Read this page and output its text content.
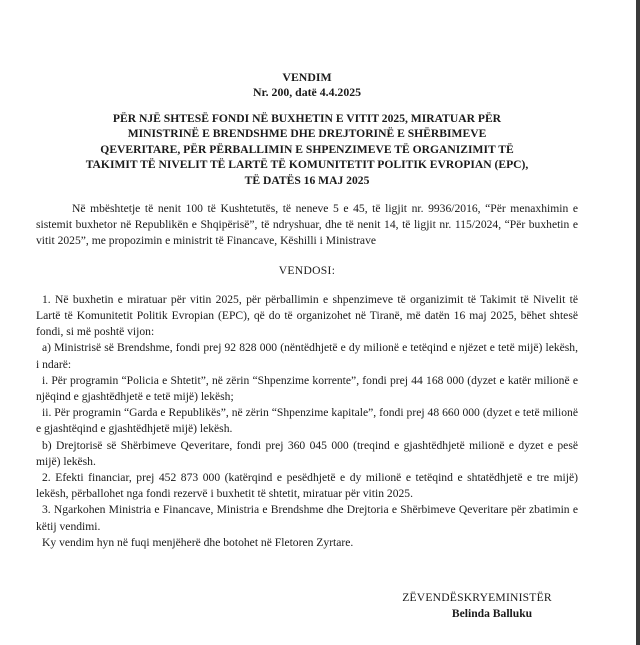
VENDIM
Nr. 200, datë 4.4.2025
PËR NJË SHTESË FONDI NË BUXHETIN E VITIT 2025, MIRATUAR PËR
MINISTRINË E BRENDSHME DHE DREJTORINË E SHËRBIMEVE
QEVERITARE, PËR PËRBALLIMIN E SHPENZIMEVE TË ORGANIZIMIT TË
TAKIMIT TË NIVELIT TË LARTË TË KOMUNITETIT POLITIK EVROPIAN (EPC),
TË DATËS 16 MAJ 2025

Në mbështetje të nenit 100 të Kushtetutës, të neneve 5 e 45, të ligjit nr. 9936/2016, “Për menaxhimin e sistemit buxhetor në Republikën e Shqipërisë”, të ndryshuar, dhe të nenit 14, të ligjit nr. 115/2024, “Për buxhetin e vitit 2025”, me propozimin e ministrit të Financave, Këshilli i Ministrave

VENDOSI:

1. Në buxhetin e miratuar për vitin 2025, për përballimin e shpenzimeve të organizimit të Takimit të Nivelit të Lartë të Komunitetit Politik Evropian (EPC), që do të organizohet në Tiranë, më datën 16 maj 2025, bëhet shtesë fondi, si më poshtë vijon:

a) Ministrisë së Brendshme, fondi prej 92 828 000 (nëntëdhjetë e dy milionë e tetëqind e njëzet e tetë mijë) lekësh, i ndarë:

i. Për programin “Policia e Shtetit”, në zërin “Shpenzime korrente”, fondi prej 44 168 000 (dyzet e katër milionë e njëqind e gjashtëdhjetë e tetë mijë) lekësh;

ii. Për programin “Garda e Republikës”, në zërin “Shpenzime kapitale”, fondi prej 48 660 000 (dyzet e tetë milionë e gjashtëqind e gjashtëdhjetë mijë) lekësh.

b) Drejtorisë së Shërbimeve Qeveritare, fondi prej 360 045 000 (treqind e gjashtëdhjetë milionë e dyzet e pesë mijë) lekësh.

2. Efekti financiar, prej 452 873 000 (katërqind e pesëdhjetë e dy milionë e tetëqind e shtatëdhjetë e tre mijë) lekësh, përballohet nga fondi rezervë i buxhetit të shtetit, miratuar për vitin 2025.

3. Ngarkohen Ministria e Financave, Ministria e Brendshme dhe Drejtoria e Shërbimeve Qeveritare për zbatimin e këtij vendimi.

Ky vendim hyn në fuqi menjëherë dhe botohet në Fletoren Zyrtare.

ZËVENDËSKRYEMINISTËR
Belinda Balluku
